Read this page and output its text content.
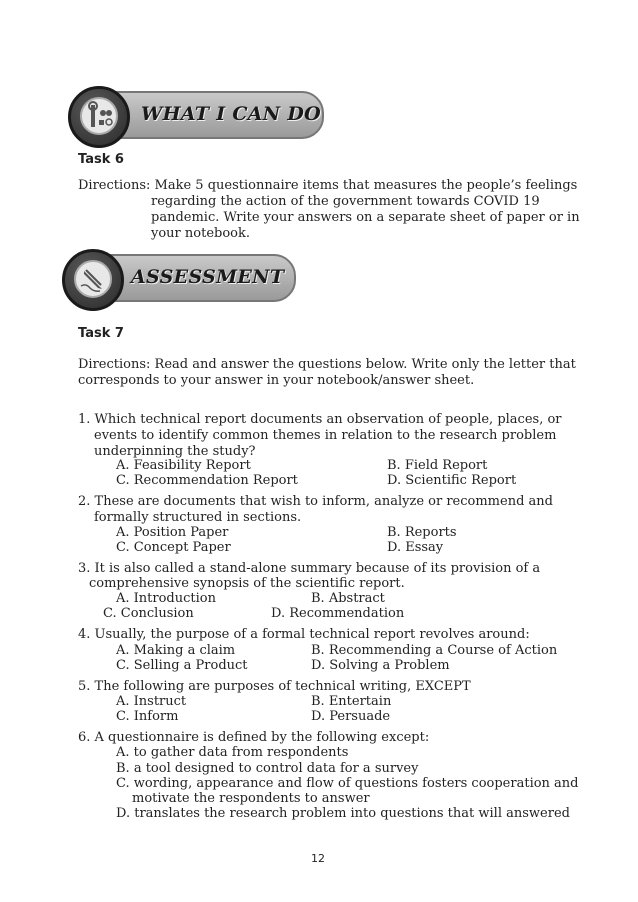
WHAT I CAN DO
Task 6
Directions: Make 5 questionnaire items that measures the people’s feelings
regarding the action of the government towards COVID 19
pandemic. Write your answers on a separate sheet of paper or in
your notebook.
ASSESSMENT
Task 7
Directions: Read and answer the questions below. Write only the letter that
corresponds to your answer in your notebook/answer sheet.
1. Which technical report documents an observation of people, places, or
events to identify common themes in relation to the research problem
underpinning the study?
A. Feasibility Report	B. Field Report
C. Recommendation Report	D. Scientific Report
2. These are documents that wish to inform, analyze or recommend and
formally structured in sections.
A. Position Paper	B. Reports
C. Concept Paper	D. Essay
3. It is also called a stand-alone summary because of its provision of a
comprehensive synopsis of the scientific report.
A. Introduction	B. Abstract
C. Conclusion	D. Recommendation
4. Usually, the purpose of a formal technical report revolves around:
A. Making a claim	B. Recommending a Course of Action
C. Selling a Product	D. Solving a Problem
5. The following are purposes of technical writing, EXCEPT
A. Instruct	B. Entertain
C. Inform	D. Persuade
6. A questionnaire is defined by the following except:
A. to gather data from respondents
B. a tool designed to control data for a survey
C. wording, appearance and flow of questions fosters cooperation and
motivate the respondents to answer
D. translates the research problem into questions that will answered
12
